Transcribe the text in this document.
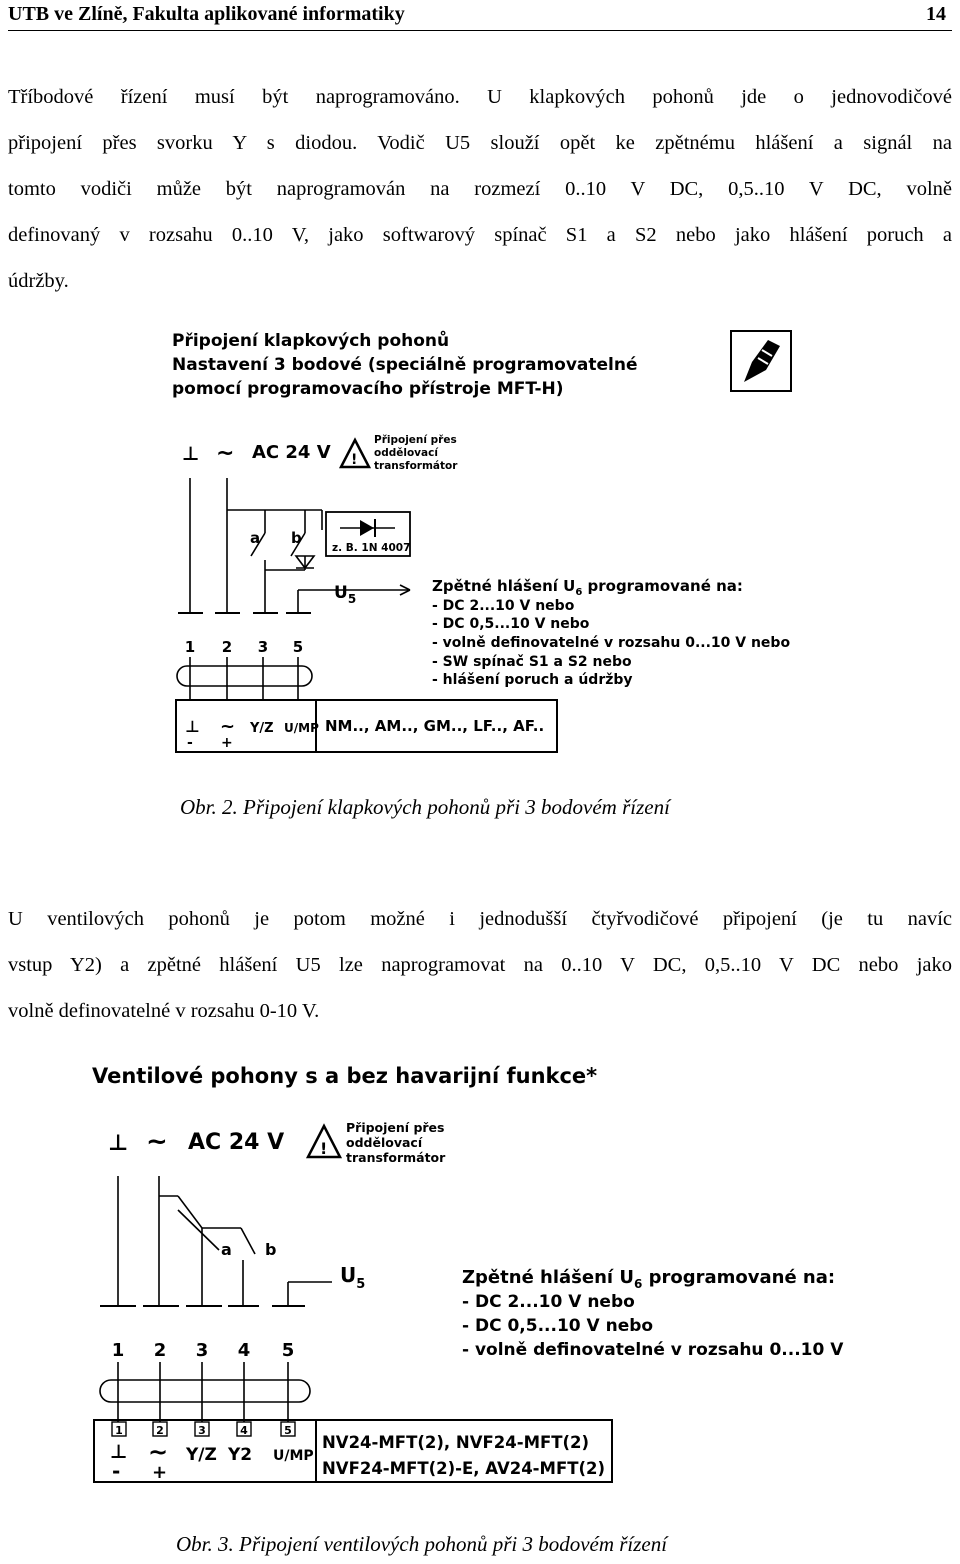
UTB ve Zlíně, Fakulta aplikované informatiky	14
Tříbodové řízení musí být naprogramováno. U klapkových pohonů jde o jednovodičové
připojení přes svorku Y s diodou. Vodič U5 slouží opět ke zpětnému hlášení a signál na
tomto vodiči může být naprogramován na rozmezí 0..10 V DC, 0,5..10 V DC, volně
definovaný v rozsahu 0..10 V, jako softwarový spínač S1 a S2 nebo jako hlášení poruch a
údržby.
Připojení klapkových pohonů
Nastavení 3 bodové (speciálně programovatelné
pomocí programovacího přístroje MFT-H)
⊥ ~ AC 24 V !
Připojení přes
oddělovací
transformátor
z. B. 1N 4007
a b
$U_5$
1 2 3 5
Zpětné hlášení $U_6$ programované na:
- DC 2...10 V nebo
- DC 0,5...10 V nebo
- volně definovatelné v rozsahu 0...10 V nebo
- SW spínač S1 a S2 nebo
- hlášení poruch a údržby
⊥
-
~
+
Y/Z U/MP NM.., AM.., GM.., LF.., AF..
Obr. 2. Připojení klapkových pohonů při 3 bodovém řízení
U ventilových pohonů je potom možné i jednodušší čtyřvodičové připojení (je tu navíc
vstup Y2) a zpětné hlášení U5 lze naprogramovat na 0..10 V DC, 0,5..10 V DC nebo jako
volně definovatelné v rozsahu 0-10 V.
Ventilové pohony s a bez havarijní funkce*
⊥ ~ AC 24 V !
Připojení přes
oddělovací
transformátor
a b
$U_5$
1 2 3 4 5
Zpětné hlášení $U_6$ programované na:
- DC 2...10 V nebo
- DC 0,5...10 V nebo
- volně definovatelné v rozsahu 0...10 V
1	2	3	4	5
⊥
-
~
+
Y/Z Y2 U/MP
NV24-MFT(2), NVF24-MFT(2)
NVF24-MFT(2)-E, AV24-MFT(2)
Obr. 3. Připojení ventilových pohonů při 3 bodovém řízení
